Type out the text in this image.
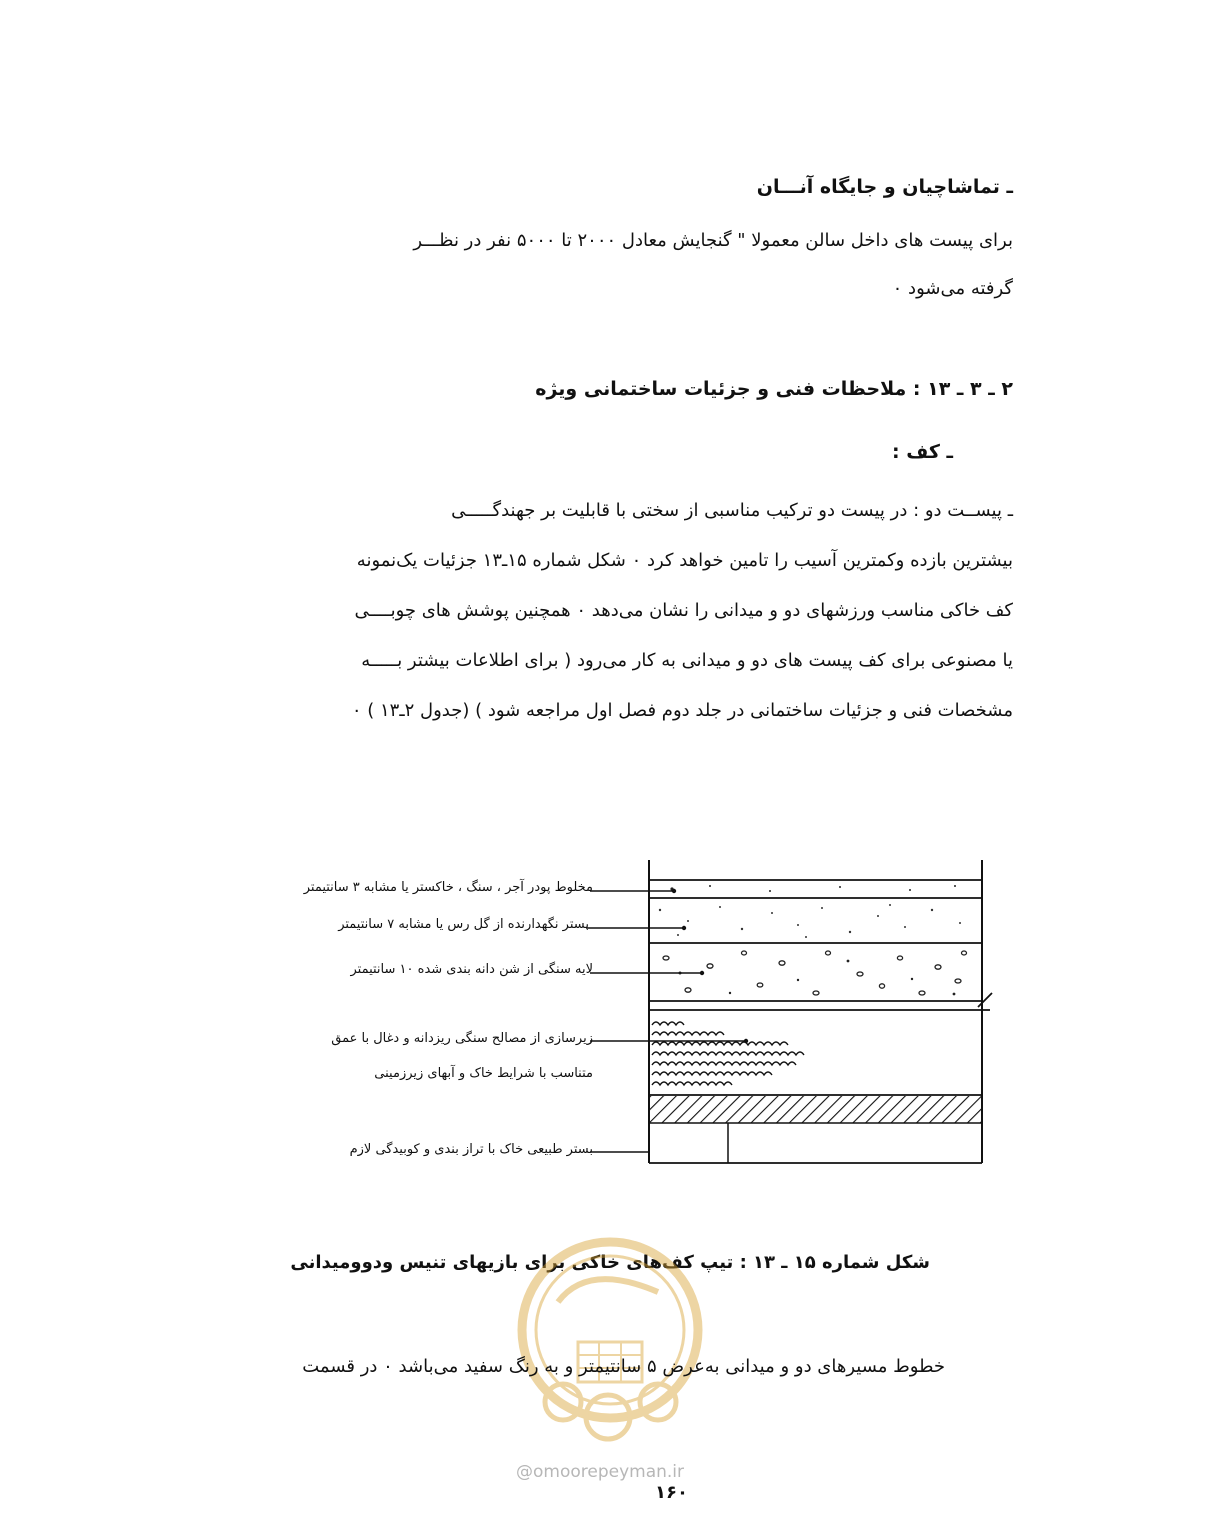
ـ تماشاچیان و جایگاه آنـــان
برای پیست های داخل سالن معمولا " گنجایش معادل ۲۰۰۰ تا ۵۰۰۰ نفر در نظـــر
گرفته می‌شود ۰
۲ ـ ۳ ـ ۱۳ : ملاحظات فنی و جزئیات ساختمانی ویژه
ـ کف :
ـ پیســت دو : در پیست دو ترکیب مناسبی از سختی با قابلیت بر جهندگـــــی
بیشترین بازده وکمترین آسیب را تامین خواهد کرد ۰ شکل شماره ۱۵ـ۱۳ جزئیات یک‌نمونه
کف خاکی مناسب ورزشهای دو و میدانی را نشان می‌دهد ۰ همچنین پوشش های چوبــــی
یا مصنوعی برای کف پیست های دو و میدانی به کار می‌رود ( برای اطلاعات بیشتر بـــــه
مشخصات فنی و جزئیات ساختمانی در جلد دوم فصل اول مراجعه شود ) (جدول ۲ـ۱۳ ) ۰
مخلوط پودر آجر ، سنگ ، خاکستر یا مشابه ۳ سانتیمتر
بستر نگهدارنده از گل رس یا مشابه ۷ سانتیمتر
لایه سنگی از شن دانه بندی شده ۱۰ سانتیمتر
زیرسازی از مصالح سنگی ریزدانه و دغال با عمق
متناسب با شرایط خاک و آبهای زیرزمینی
بستر طبیعی خاک با تراز بندی و کوبیدگی لازم
شکل شماره ۱۵ ـ ۱۳ : تیپ کف‌های خاکی برای بازیهای تنیس ودوومیدانی
خطوط مسیرهای دو و میدانی به‌عرض ۵ سانتیمتر و به رنگ سفید می‌باشد ۰ در قسمت
@omoorepeyman.ir
۱۶۰
